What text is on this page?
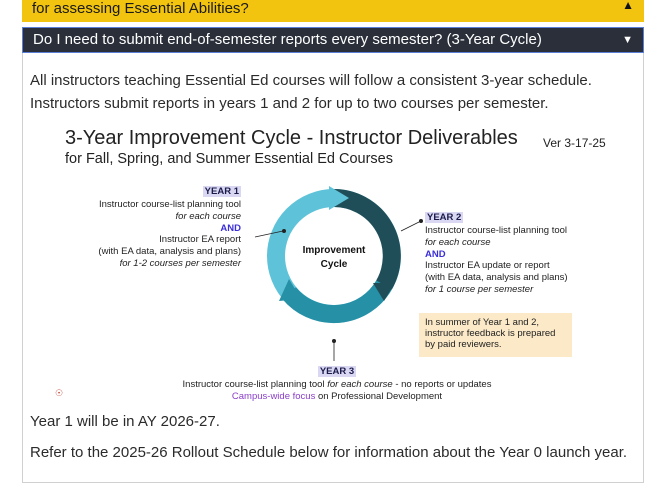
for assessing Essential Abilities?	▲
Do I need to submit end-of-semester reports every semester? (3-Year Cycle)	▼

All instructors teaching Essential Ed courses will follow a consistent 3-year schedule. Instructors submit reports in years 1 and 2 for up to two courses per semester.

3-Year Improvement Cycle - Instructor Deliverables
for Fall, Spring, and Summer Essential Ed Courses
Ver 3-17-25
YEAR 1
Instructor course-list planning tool
for each course
AND
Instructor EA report
(with EA data, analysis and plans)
for 1-2 courses per semester
Improvement
Cycle
YEAR 2
Instructor course-list planning tool
for each course
AND
Instructor EA update or report
(with EA data, analysis and plans)
for 1 course per semester
In summer of Year 1 and 2, instructor feedback is prepared by paid reviewers.
YEAR 3
Instructor course-list planning tool for each course - no reports or updates
Campus-wide focus on Professional Development
☉

Year 1 will be in AY 2026-27.

Refer to the 2025-26 Rollout Schedule below for information about the Year 0 launch year.
